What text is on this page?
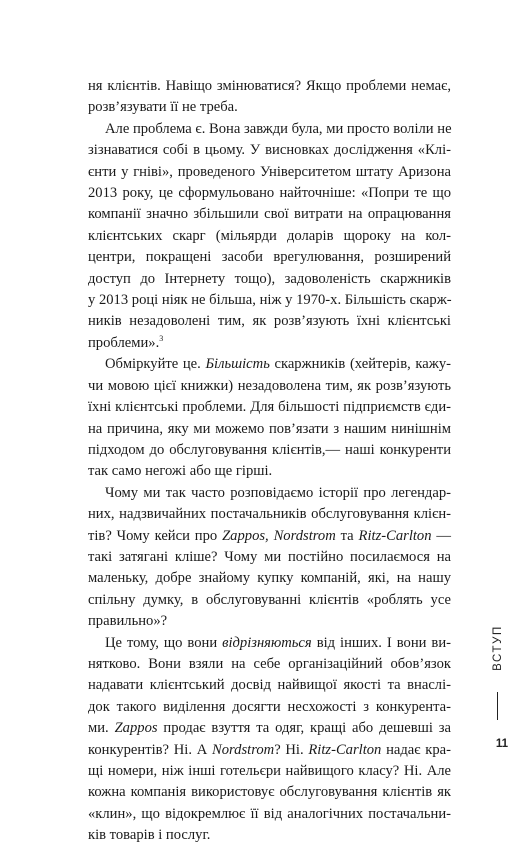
ня клієнтів. Навіщо змінюватися? Якщо проблеми немає,
розв’язувати її не треба.
Але проблема є. Вона завжди була, ми просто воліли не
зізнаватися собі в цьому. У висновках дослідження «Клі-
єнти у гніві», проведеного Університетом штату Аризона
2013 року, це сформульовано найточніше: «Попри те що
компанії значно збільшили свої витрати на опрацювання
клієнтських скарг (мільярди доларів щороку на кол-
центри, покращені засоби врегулювання, розширений
доступ до Інтернету тощо), задоволеність скаржників
у 2013 році ніяк не більша, ніж у 1970-х. Більшість скарж-
ників незадоволені тим, як розв’язують їхні клієнтські
проблеми».$^3$
Обміркуйте це. Більшість скаржників (хейтерів, кажу-
чи мовою цієї книжки) незадоволена тим, як розв’язують
їхні клієнтські проблеми. Для більшості підприємств єди-
на причина, яку ми можемо пов’язати з нашим нинішнім
підходом до обслуговування клієнтів,— наші конкуренти
так само негожі або ще гірші.
Чому ми так часто розповідаємо історії про легендар-
них, надзвичайних постачальників обслуговування клієн-
тів? Чому кейси про Zappos, Nordstrom та Ritz-Carlton —
такі затягані кліше? Чому ми постійно посилаємося на
маленьку, добре знайому купку компаній, які, на нашу
спільну думку, в обслуговуванні клієнтів «роблять усе
правильно»?
Це тому, що вони відрізняються від інших. І вони ви-
нятково. Вони взяли на себе організаційний обов’язок
надавати клієнтський досвід найвищої якості та внаслі-
док такого виділення досягти несхожості з конкурента-
ми. Zappos продає взуття та одяг, кращі або дешевші за
конкурентів? Ні. А Nordstrom? Ні. Ritz-Carlton надає кра-
щі номери, ніж інші готельєри найвищого класу? Ні. Але
кожна компанія використовує обслуговування клієнтів як
«клин», що відокремлює її від аналогічних постачальни-
ків товарів і послуг.
ВСТУП
11
